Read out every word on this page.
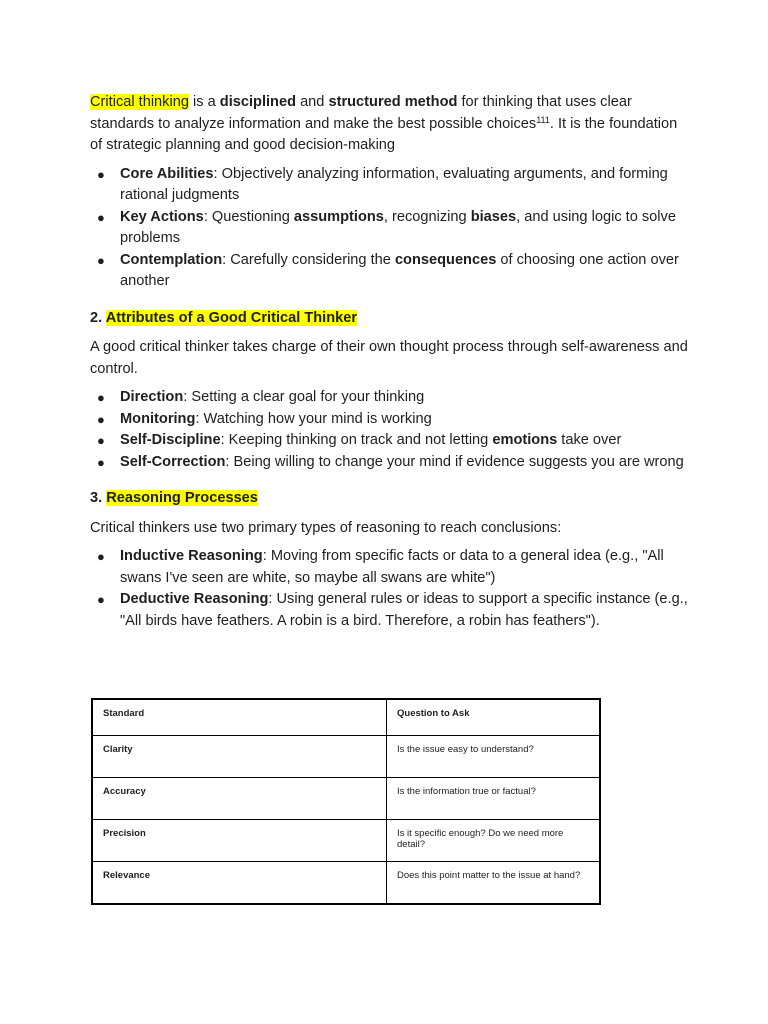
Critical thinking is a disciplined and structured method for thinking that uses clear standards to analyze information and make the best possible choices$^{111}$. It is the foundation of strategic planning and good decision-making

● Core Abilities: Objectively analyzing information, evaluating arguments, and forming rational judgments
● Key Actions: Questioning assumptions, recognizing biases, and using logic to solve problems
● Contemplation: Carefully considering the consequences of choosing one action over another

2. Attributes of a Good Critical Thinker

A good critical thinker takes charge of their own thought process through self-awareness and control.

● Direction: Setting a clear goal for your thinking
● Monitoring: Watching how your mind is working
● Self-Discipline: Keeping thinking on track and not letting emotions take over
● Self-Correction: Being willing to change your mind if evidence suggests you are wrong

3. Reasoning Processes

Critical thinkers use two primary types of reasoning to reach conclusions:

● Inductive Reasoning: Moving from specific facts or data to a general idea (e.g., "All swans I've seen are white, so maybe all swans are white")
● Deductive Reasoning: Using general rules or ideas to support a specific instance (e.g., "All birds have feathers. A robin is a bird. Therefore, a robin has feathers").
Standard	Question to Ask
Clarity	Is the issue easy to understand?
Accuracy	Is the information true or factual?
Precision	Is it specific enough? Do we need more detail?
Relevance	Does this point matter to the issue at hand?
